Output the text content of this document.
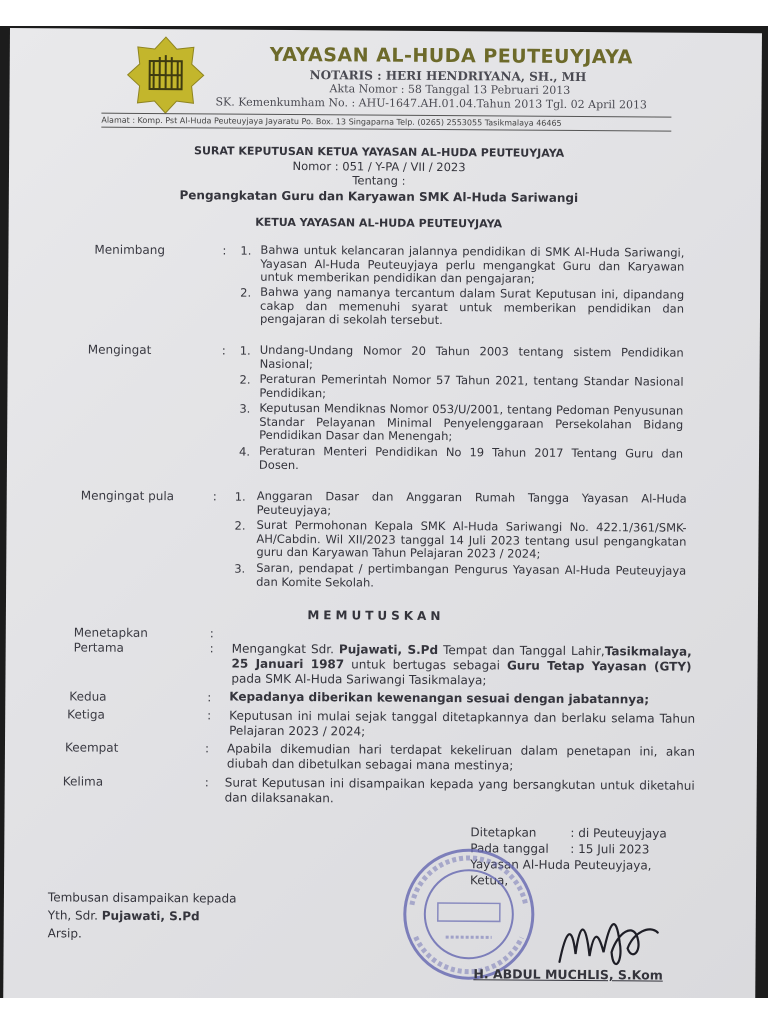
YAYASAN AL-HUDA PEUTEUYJAYA
NOTARIS : HERI HENDRIYANA, SH., MH
Akta Nomor : 58 Tanggal 13 Pebruari 2013
SK. Kemenkumham No. : AHU-1647.AH.01.04.Tahun 2013 Tgl. 02 April 2013
Alamat : Komp. Pst Al-Huda Peuteuyjaya Jayaratu Po. Box. 13 Singaparna Telp. (0265) 2553055 Tasikmalaya 46465
SURAT KEPUTUSAN KETUA YAYASAN AL-HUDA PEUTEUYJAYA
Nomor : 051 / Y-PA / VII / 2023
Tentang :
Pengangkatan Guru dan Karyawan SMK Al-Huda Sariwangi
KETUA YAYASAN AL-HUDA PEUTEUYJAYA
Menimbang	: 1. Bahwa untuk kelancaran jalannya pendidikan di SMK Al-Huda Sariwangi, Yayasan Al-Huda Peuteuyjaya perlu mengangkat Guru dan Karyawan untuk memberikan pendidikan dan pengajaran;
2. Bahwa yang namanya tercantum dalam Surat Keputusan ini, dipandang cakap dan memenuhi syarat untuk memberikan pendidikan dan pengajaran di sekolah tersebut.
Mengingat	: 1. Undang-Undang Nomor 20 Tahun 2003 tentang sistem Pendidikan Nasional;
2. Peraturan Pemerintah Nomor 57 Tahun 2021, tentang Standar Nasional Pendidikan;
3. Keputusan Mendiknas Nomor 053/U/2001, tentang Pedoman Penyusunan Standar Pelayanan Minimal Penyelenggaraan Persekolahan Bidang Pendidikan Dasar dan Menengah;
4. Peraturan Menteri Pendidikan No 19 Tahun 2017 Tentang Guru dan Dosen.
Mengingat pula	: 1. Anggaran Dasar dan Anggaran Rumah Tangga Yayasan Al-Huda Peuteuyjaya;
2. Surat Permohonan Kepala SMK Al-Huda Sariwangi No. 422.1/361/SMK-AH/Cabdin. Wil XII/2023 tanggal 14 Juli 2023 tentang usul pengangkatan guru dan Karyawan Tahun Pelajaran 2023 / 2024;
3. Saran, pendapat / pertimbangan Pengurus Yayasan Al-Huda Peuteuyjaya dan Komite Sekolah.
MEMUTUSKAN
Menetapkan	:
Pertama	: Mengangkat Sdr. Pujawati, S.Pd Tempat dan Tanggal Lahir,Tasikmalaya, 25 Januari 1987 untuk bertugas sebagai Guru Tetap Yayasan (GTY) pada SMK Al-Huda Sariwangi Tasikmalaya;
Kedua	: Kepadanya diberikan kewenangan sesuai dengan jabatannya;
Ketiga	: Keputusan ini mulai sejak tanggal ditetapkannya dan berlaku selama Tahun Pelajaran 2023 / 2024;
Keempat	: Apabila dikemudian hari terdapat kekeliruan dalam penetapan ini, akan diubah dan dibetulkan sebagai mana mestinya;
Kelima	: Surat Keputusan ini disampaikan kepada yang bersangkutan untuk diketahui dan dilaksanakan.
Ditetapkan	: di Peuteuyjaya
Pada tanggal : 15 Juli 2023
Yayasan Al-Huda Peuteuyjaya,
Ketua,
H. ABDUL MUCHLIS, S.Kom
Tembusan disampaikan kepada
Yth, Sdr. Pujawati, S.Pd
Arsip.
